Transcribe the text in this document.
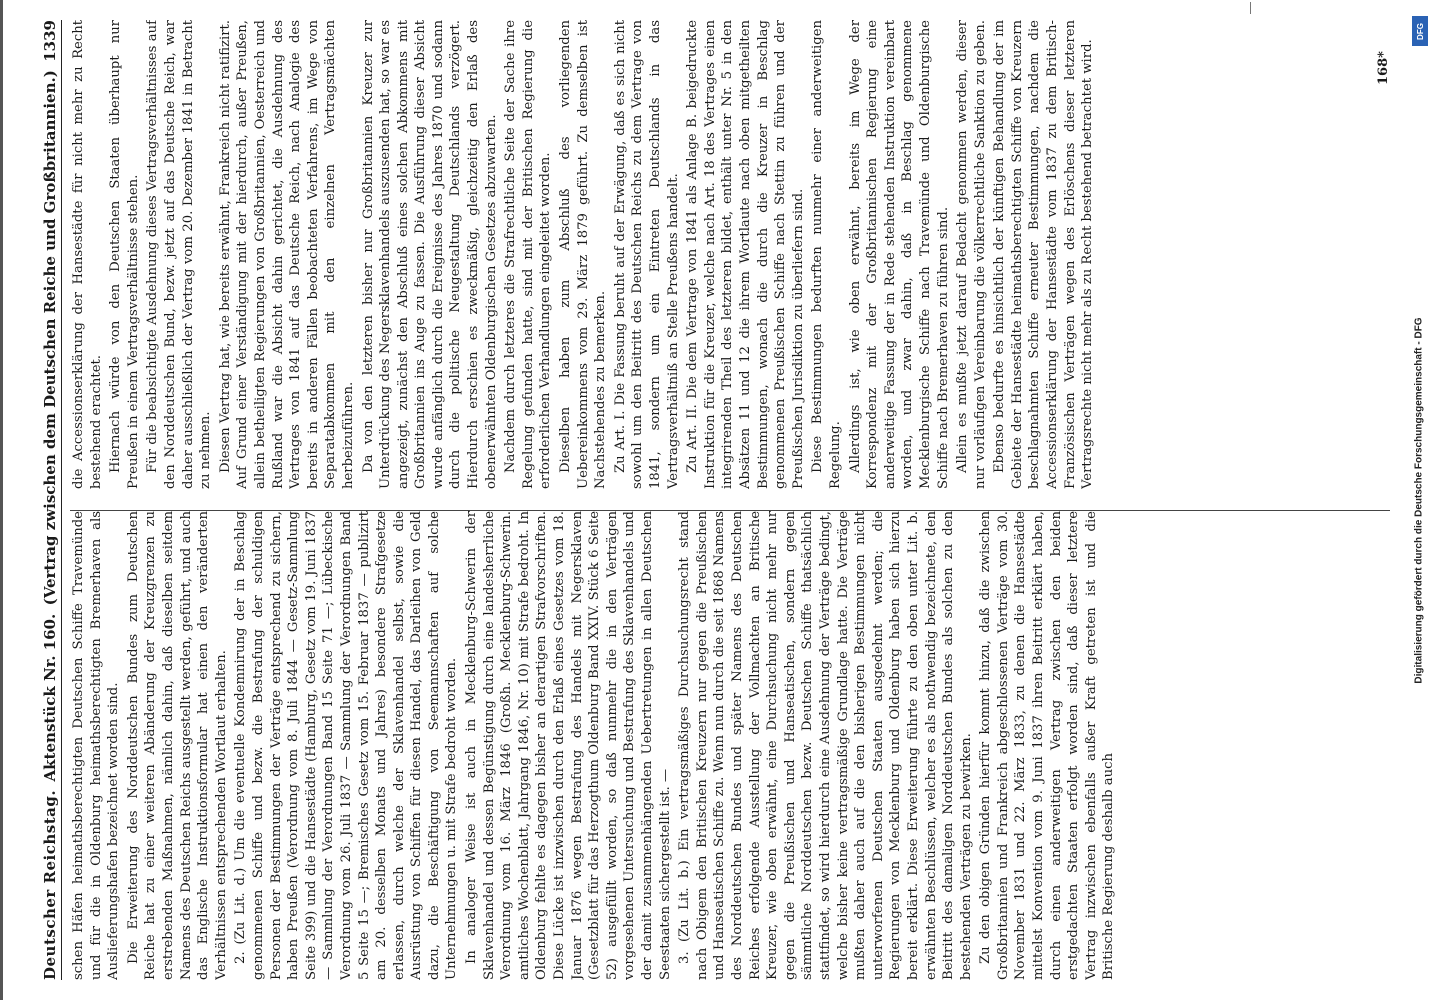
Deutscher Reichstag.
Aktenstück Nr. 160.
(Vertrag zwischen dem Deutschen Reiche und Großbritannien.)
1339

schen Häfen heimathsberechtigten Deutschen Schiffe Travemünde und für die in Oldenburg heimathsberechtigten Bremerhaven als Auslieferungshafen bezeichnet worden sind. Die Erweiterung des Norddeutschen Bundes zum Deutschen Reiche hat zu einer weiteren Abänderung der Kreuzgrenzen zu erstrebenden Maßnahmen, nämlich dahin, daß dieselben seitdem Namens des Deutschen Reichs ausgestellt werden, geführt, und auch das Englische Instruktionsformular hat einen den veränderten Verhältnissen entsprechenden Wortlaut erhalten. 2. (Zu Lit. d.) Um die eventuelle Kondemnirung der in Beschlag genommenen Schiffe und bezw. die Bestrafung der schuldigen Personen der Bestimmungen der Verträge entsprechend zu sichern, haben Preußen (Verordnung vom 8. Juli 1844 — Gesetz-Sammlung Seite 399) und die Hansestädte (Hamburg, Gesetz vom 19. Juni 1837 — Sammlung der Verordnungen Band 15 Seite 71 —; Lübeckische Verordnung vom 26. Juli 1837 — Sammlung der Verordnungen Band 5 Seite 15 —; Bremisches Gesetz vom 15. Februar 1837 — publizirt am 20. desselben Monats und Jahres) besondere Strafgesetze erlassen, durch welche der Sklavenhandel selbst, sowie die Ausrüstung von Schiffen für diesen Handel, das Darleihen von Geld dazu, die Beschäftigung von Seemannschaften auf solche Unternehmungen u. mit Strafe bedroht worden. In analoger Weise ist auch in Mecklenburg-Schwerin der Sklavenhandel und dessen Begünstigung durch eine landesherrliche Verordnung vom 16. März 1846 (Großh. Mecklenburg-Schwerin. amtliches Wochenblatt, Jahrgang 1846, Nr. 10) mit Strafe bedroht. In Oldenburg fehlte es dagegen bisher an derartigen Strafvorschriften. Diese Lücke ist inzwischen durch den Erlaß eines Gesetzes vom 18. Januar 1876 wegen Bestrafung des Handels mit Negersklaven (Gesetzblatt für das Herzogthum Oldenburg Band XXIV. Stück 6 Seite 52) ausgefüllt worden, so daß nunmehr die in den Verträgen vorgesehenen Untersuchung und Bestrafung des Sklavenhandels und der damit zusammenhängenden Uebertretungen in allen Deutschen Seestaaten sichergestellt ist. — 3. (Zu Lit. b.) Ein vertragsmäßiges Durchsuchungsrecht stand nach Obigem den Britischen Kreuzern nur gegen die Preußischen und Hanseatischen Schiffe zu. Wenn nun durch die seit 1868 Namens des Norddeutschen Bundes und später Namens des Deutschen Reiches erfolgende Ausstellung der Vollmachten an Britische Kreuzer, wie oben erwähnt, eine Durchsuchung nicht mehr nur gegen die Preußischen und Hanseatischen, sondern gegen sämmtliche Norddeutschen bezw. Deutschen Schiffe thatsächlich stattfindet, so wird hierdurch eine Ausdehnung der Verträge bedingt, welche bisher keine vertragsmäßige Grundlage hatte. Die Verträge mußten daher auch auf die den bisherigen Bestimmungen nicht unterworfenen Deutschen Staaten ausgedehnt werden; die Regierungen von Mecklenburg und Oldenburg haben sich hierzu bereit erklärt. Diese Erweiterung führte zu den oben unter Lit. b. erwähnten Beschlüssen, welcher es als nothwendig bezeichnete, den Beitritt des damaligen Norddeutschen Bundes als solchen zu den bestehenden Verträgen zu bewirken. Zu den obigen Gründen hierfür kommt hinzu, daß die zwischen Großbritannien und Frankreich abgeschlossenen Verträge vom 30. November 1831 und 22. März 1833, zu denen die Hansestädte mittelst Konvention vom 9. Juni 1837 ihren Beitritt erklärt haben, durch einen anderweitigen Vertrag zwischen den beiden erstgedachten Staaten erfolgt worden sind, daß dieser letztere Vertrag inzwischen ebenfalls außer Kraft getreten ist und die Britische Regierung deshalb auch

die Accessionserklärung der Hansestädte für nicht mehr zu Recht bestehend erachtet. Hiernach würde von den Deutschen Staaten überhaupt nur Preußen in einem Vertragsverhältnisse stehen. Für die beabsichtigte Ausdehnung dieses Vertragsverhältnisses auf den Norddeutschen Bund, bezw. jetzt auf das Deutsche Reich, war daher ausschließlich der Vertrag vom 20. Dezember 1841 in Betracht zu nehmen. Diesen Vertrag hat, wie bereits erwähnt, Frankreich nicht ratifizirt. Auf Grund einer Verständigung mit der hierdurch, außer Preußen, allein betheiligten Regierungen von Großbritannien, Oesterreich und Rußland war die Absicht dahin gerichtet, die Ausdehnung des Vertrages von 1841 auf das Deutsche Reich, nach Analogie des bereits in anderen Fällen beobachteten Verfahrens, im Wege von Separatabkommen mit den einzelnen Vertragsmächten herbeizuführen. Da von den letzteren bisher nur Großbritannien Kreuzer zur Unterdrückung des Negersklavenhandels auszusenden hat, so war es angezeigt, zunächst den Abschluß eines solchen Abkommens mit Großbritannien ins Auge zu fassen. Die Ausführung dieser Absicht wurde anfänglich durch die Ereignisse des Jahres 1870 und sodann durch die politische Neugestaltung Deutschlands verzögert. Hierdurch erschien es zweckmäßig, gleichzeitig den Erlaß des obenerwähnten Oldenburgischen Gesetzes abzuwarten. Nachdem durch letzteres die Strafrechtliche Seite der Sache ihre Regelung gefunden hatte, sind mit der Britischen Regierung die erforderlichen Verhandlungen eingeleitet worden. Dieselben haben zum Abschluß des vorliegenden Uebereinkommens vom 29. März 1879 geführt. Zu demselben ist Nachstehendes zu bemerken. Zu Art. I. Die Fassung beruht auf der Erwägung, daß es sich nicht sowohl um den Beitritt des Deutschen Reichs zu dem Vertrage von 1841, sondern um ein Eintreten Deutschlands in das Vertragsverhältniß an Stelle Preußens handelt. Zu Art. II. Die dem Vertrage von 1841 als Anlage B. beigedruckte Instruktion für die Kreuzer, welche nach Art. 18 des Vertrages einen integrirenden Theil des letzteren bildet, enthält unter Nr. 5 in den Absätzen 11 und 12 die ihrem Wortlaute nach oben mitgetheilten Bestimmungen, wonach die durch die Kreuzer in Beschlag genommenen Preußischen Schiffe nach Stettin zu führen und der Preußischen Jurisdiktion zu überliefern sind. Diese Bestimmungen bedurften nunmehr einer anderweitigen Regelung. Allerdings ist, wie oben erwähnt, bereits im Wege der Korrespondenz mit der Großbritannischen Regierung eine anderweitige Fassung der in Rede stehenden Instruktion vereinbart worden, und zwar dahin, daß in Beschlag genommene Mecklenburgische Schiffe nach Travemünde und Oldenburgische Schiffe nach Bremerhaven zu führen sind. Allein es mußte jetzt darauf Bedacht genommen werden, dieser nur vorläufigen Vereinbarung die völkerrechtliche Sanktion zu geben. Ebenso bedurfte es hinsichtlich der künftigen Behandlung der im Gebiete der Hansestädte heimathsberechtigten Schiffe von Kreuzern beschlagnahmten Schiffe erneuter Bestimmungen, nachdem die Accessionserklärung der Hansestädte vom 1837 zu dem Britisch-Französischen Verträgen wegen des Erlöschens dieser letzteren Vertragsrechte nicht mehr als zu Recht bestehend betrachtet wird.	168*
DFG
Digitalisierung gefördert durch die Deutsche Forschungsgemeinschaft - DFG
